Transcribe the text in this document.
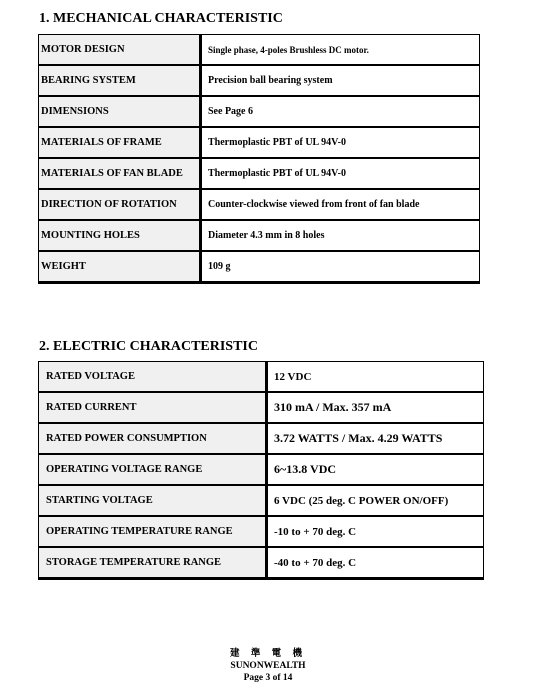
1. MECHANICAL CHARACTERISTIC
MOTOR DESIGN	Single phase, 4-poles Brushless DC motor.
BEARING SYSTEM	Precision ball bearing system
DIMENSIONS	See Page 6
MATERIALS OF FRAME	Thermoplastic PBT of UL 94V-0
MATERIALS OF FAN BLADE	Thermoplastic PBT of UL 94V-0
DIRECTION OF ROTATION	Counter-clockwise viewed from front of fan blade
MOUNTING HOLES	Diameter 4.3 mm in 8 holes
WEIGHT	109 g
2. ELECTRIC CHARACTERISTIC
RATED VOLTAGE	12 VDC
RATED CURRENT	310 mA / Max. 357 mA
RATED POWER CONSUMPTION	3.72 WATTS / Max. 4.29 WATTS
OPERATING VOLTAGE RANGE	6~13.8 VDC
STARTING VOLTAGE	6 VDC (25 deg. C POWER ON/OFF)
OPERATING TEMPERATURE RANGE	-10 to + 70 deg. C
STORAGE TEMPERATURE RANGE	-40 to + 70 deg. C
建 準 電 機
SUNONWEALTH
Page 3 of 14
